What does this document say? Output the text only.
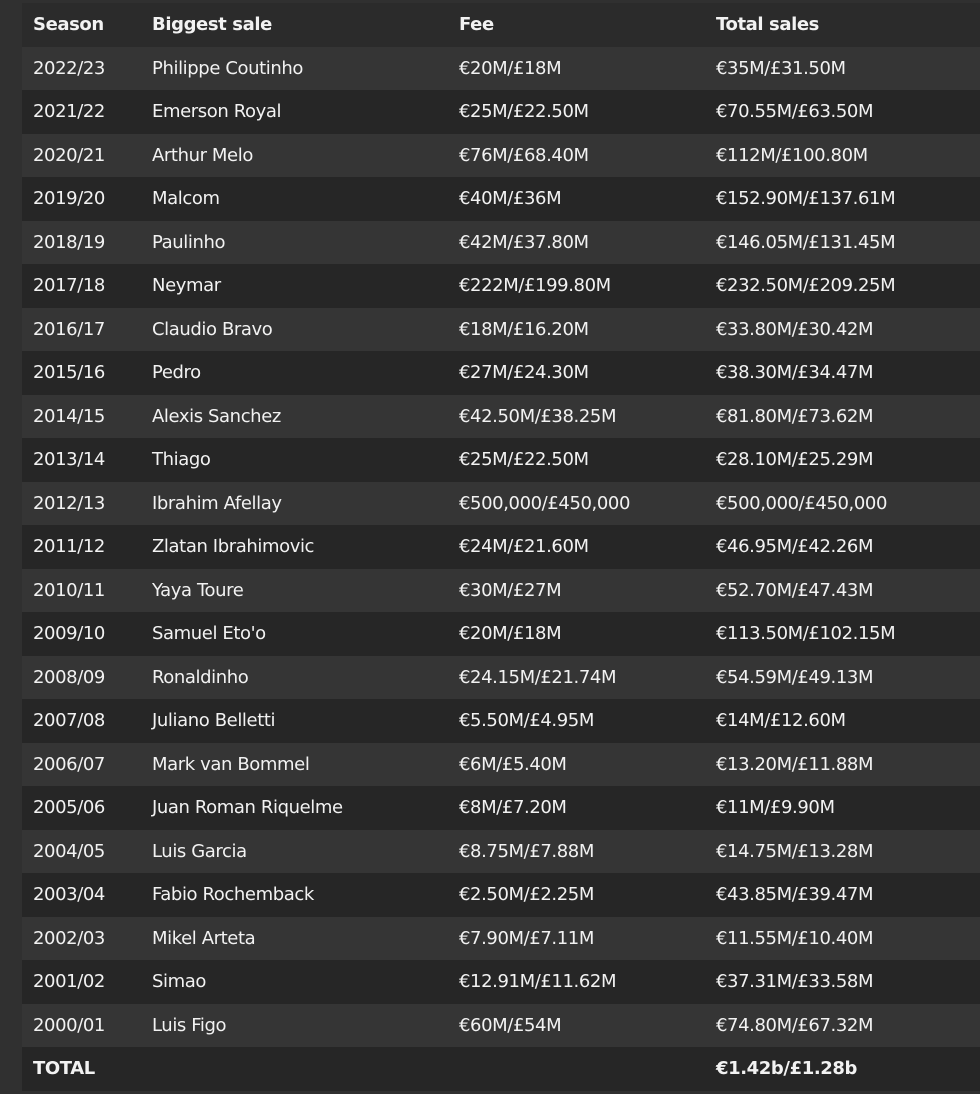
Season	Biggest sale	Fee	Total sales
2022/23	Philippe Coutinho	€20M/£18M	€35M/£31.50M
2021/22	Emerson Royal	€25M/£22.50M	€70.55M/£63.50M
2020/21	Arthur Melo	€76M/£68.40M	€112M/£100.80M
2019/20	Malcom	€40M/£36M	€152.90M/£137.61M
2018/19	Paulinho	€42M/£37.80M	€146.05M/£131.45M
2017/18	Neymar	€222M/£199.80M	€232.50M/£209.25M
2016/17	Claudio Bravo	€18M/£16.20M	€33.80M/£30.42M
2015/16	Pedro	€27M/£24.30M	€38.30M/£34.47M
2014/15	Alexis Sanchez	€42.50M/£38.25M	€81.80M/£73.62M
2013/14	Thiago	€25M/£22.50M	€28.10M/£25.29M
2012/13	Ibrahim Afellay	€500,000/£450,000	€500,000/£450,000
2011/12	Zlatan Ibrahimovic	€24M/£21.60M	€46.95M/£42.26M
2010/11	Yaya Toure	€30M/£27M	€52.70M/£47.43M
2009/10	Samuel Eto'o	€20M/£18M	€113.50M/£102.15M
2008/09	Ronaldinho	€24.15M/£21.74M	€54.59M/£49.13M
2007/08	Juliano Belletti	€5.50M/£4.95M	€14M/£12.60M
2006/07	Mark van Bommel	€6M/£5.40M	€13.20M/£11.88M
2005/06	Juan Roman Riquelme	€8M/£7.20M	€11M/£9.90M
2004/05	Luis Garcia	€8.75M/£7.88M	€14.75M/£13.28M
2003/04	Fabio Rochemback	€2.50M/£2.25M	€43.85M/£39.47M
2002/03	Mikel Arteta	€7.90M/£7.11M	€11.55M/£10.40M
2001/02	Simao	€12.91M/£11.62M	€37.31M/£33.58M
2000/01	Luis Figo	€60M/£54M	€74.80M/£67.32M
TOTAL			€1.42b/£1.28b
